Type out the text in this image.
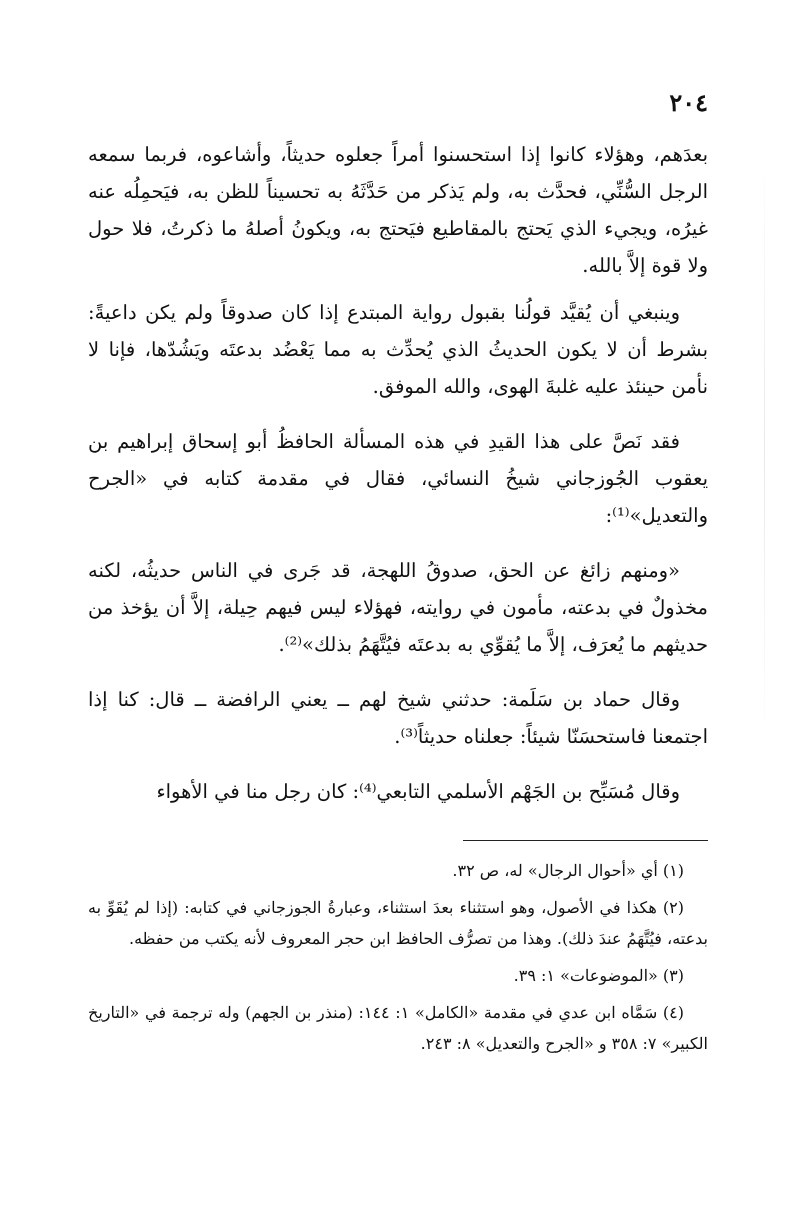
٢٠٤

بعدَهم، وهؤلاء كانوا إذا استحسنوا أمراً جعلوه حديثاً، وأشاعوه، فربما سمعه الرجل السُّنِّي، فحدَّث به، ولم يَذكر من حَدَّثَهُ به تحسيناً للظن به، فيَحمِلُه عنه غيرُه، ويجيء الذي يَحتج بالمقاطيع فيَحتج به، ويكونُ أصلهُ ما ذكرتُ، فلا حول ولا قوة إلاَّ بالله.

وينبغي أن يُقيَّد قولُنا بقبول رواية المبتدع إذا كان صدوقاً ولم يكن داعيةً: بشرط أن لا يكون الحديثُ الذي يُحدِّث به مما يَعْضُد بدعتَه ويَشُدّها، فإنا لا نأمن حينئذ عليه غلبةَ الهوى، والله الموفق.

فقد نَصَّ على هذا القيدِ في هذه المسألة الحافظُ أبو إسحاق إبراهيم بن يعقوب الجُوزجاني شيخُ النسائي، فقال في مقدمة كتابه في «الجرح والتعديل»⁽¹⁾:

«ومنهم زائغ عن الحق، صدوقُ اللهجة، قد جَرى في الناس حديثُه، لكنه مخذولٌ في بدعته، مأمون في روايته، فهؤلاء ليس فيهم حِيلة، إلاَّ أن يؤخذ من حديثهم ما يُعرَف، إلاَّ ما يُقوِّي به بدعتَه فيُتَّهَمُ بذلك»⁽²⁾.

وقال حماد بن سَلَمة: حدثني شيخ لهم ــ يعني الرافضة ــ قال: كنا إذا اجتمعنا فاستحسَنّا شيئاً: جعلناه حديثاً⁽³⁾.

وقال مُسَبِّح بن الجَهْم الأسلمي التابعي⁽⁴⁾: كان رجل منا في الأهواء

(١) أي «أحوال الرجال» له، ص ٣٢.

(٢) هكذا في الأصول، وهو استثناء بعدَ استثناء، وعبارةُ الجوزجاني في كتابه: (إذا لم يُقَوِّ به بدعته، فيُتَّهَمُ عندَ ذلك). وهذا من تصرُّف الحافظ ابن حجر المعروف لأنه يكتب من حفظه.

(٣) «الموضوعات» ١: ٣٩.

(٤) سَمَّاه ابن عدي في مقدمة «الكامل» ١: ١٤٤: (منذر بن الجهم) وله ترجمة في «التاريخ الكبير» ٧: ٣٥٨ و «الجرح والتعديل» ٨: ٢٤٣.
